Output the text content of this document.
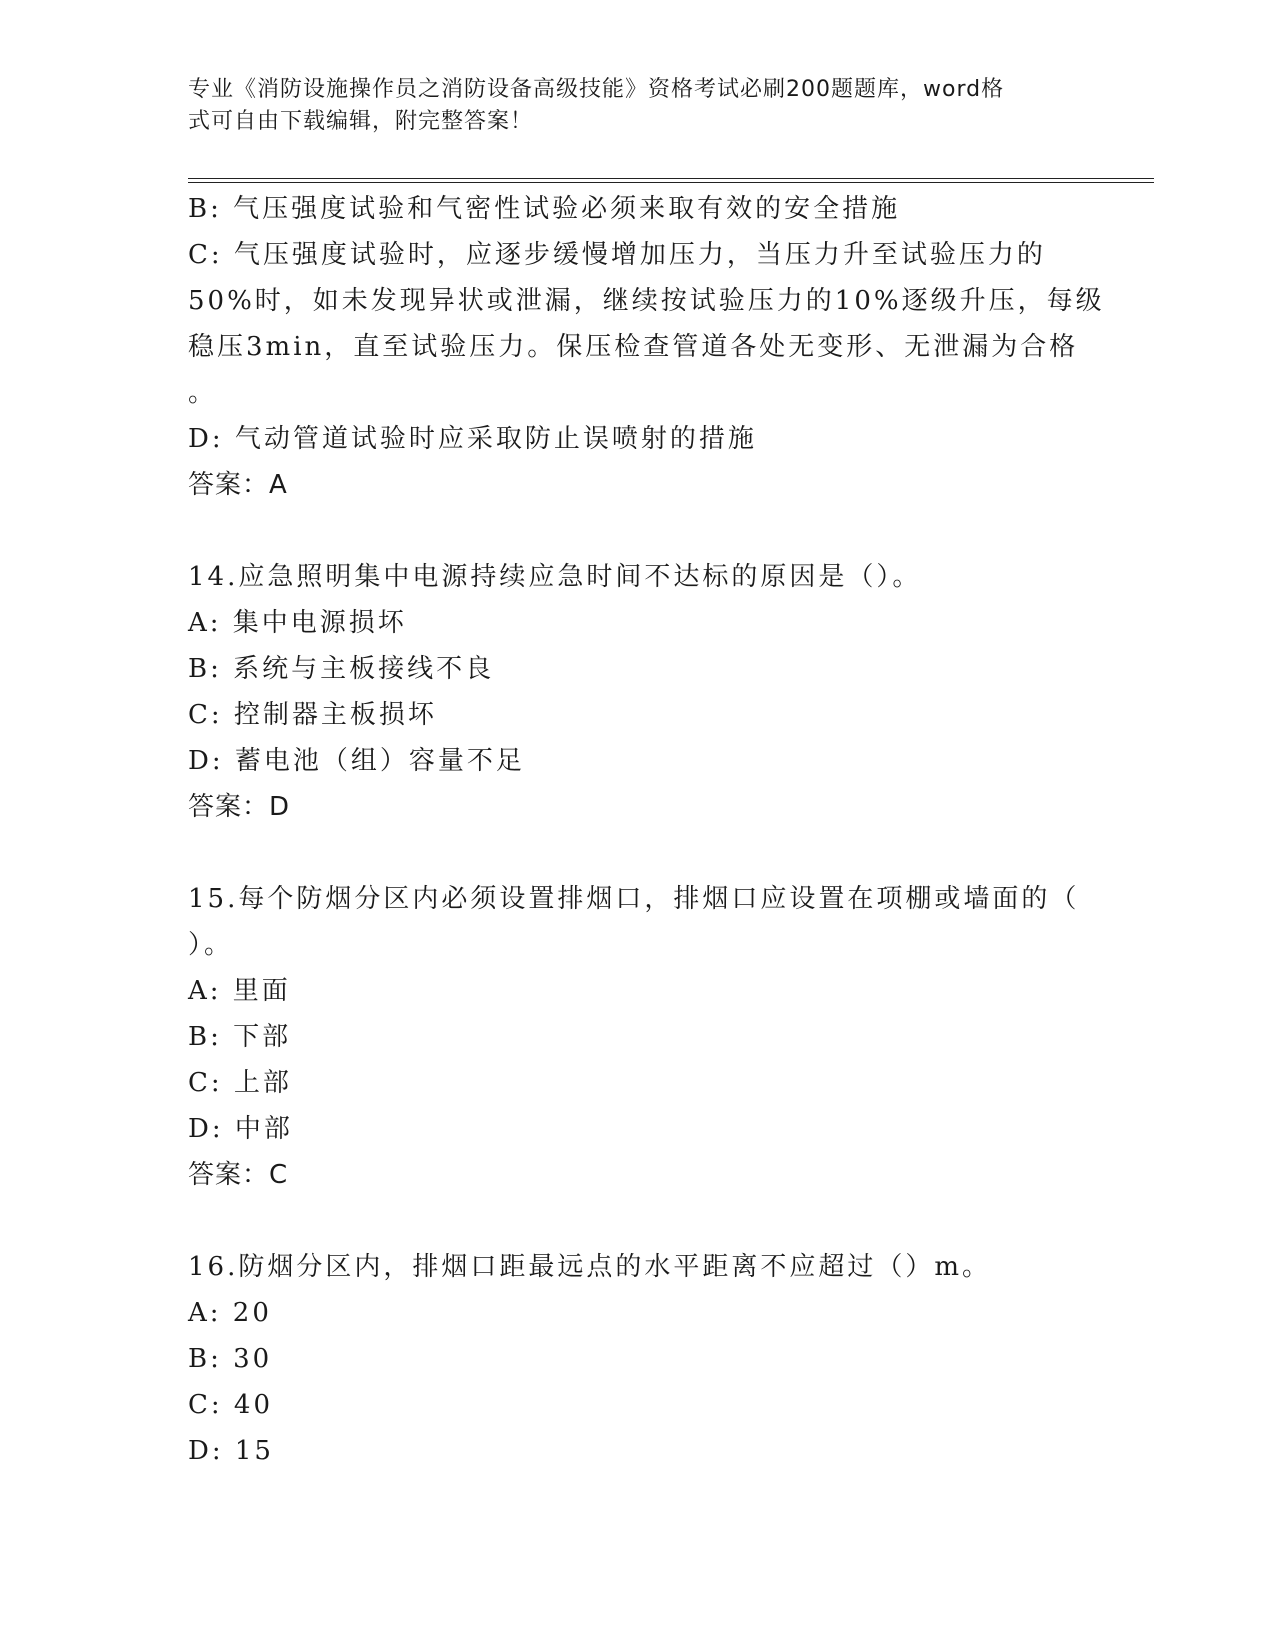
专业《消防设施操作员之消防设备高级技能》资格考试必刷200题题库，word格
式可自由下载编辑，附完整答案！
B: 气压强度试验和气密性试验必须来取有效的安全措施
C: 气压强度试验时，应逐步缓慢增加压力，当压力升至试验压力的
50%时，如未发现异状或泄漏，继续按试验压力的10%逐级升压，每级
稳压3min，直至试验压力。保压检查管道各处无变形、无泄漏为合格
。
D: 气动管道试验时应采取防止误喷射的措施
答案：A
14.应急照明集中电源持续应急时间不达标的原因是（）。
A: 集中电源损坏
B: 系统与主板接线不良
C: 控制器主板损坏
D: 蓄电池（组）容量不足
答案：D
15.每个防烟分区内必须设置排烟口，排烟口应设置在项棚或墙面的（
）。
A: 里面
B: 下部
C: 上部
D: 中部
答案：C
16.防烟分区内，排烟口距最远点的水平距离不应超过（）m。
A: 20
B: 30
C: 40
D: 15
